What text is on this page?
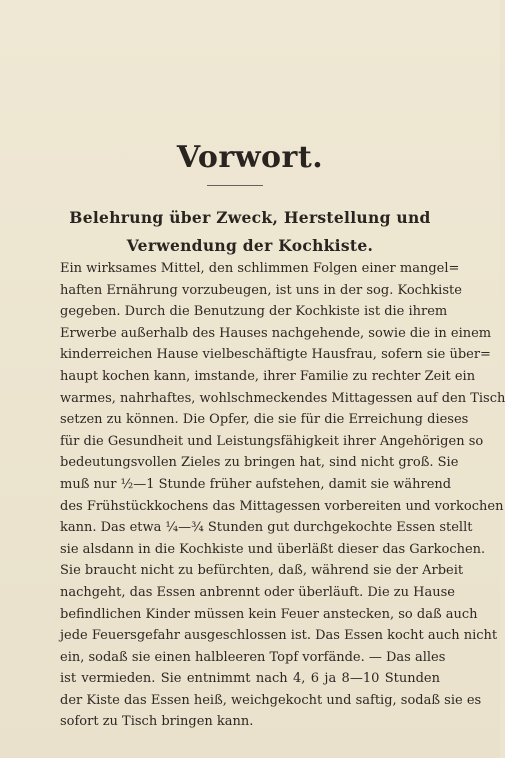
Vorwort.
Belehrung über Zweck, Herstellung und
Verwendung der Kochkiste.
Ein wirksames Mittel, den schlimmen Folgen einer mangel=
haften Ernährung vorzubeugen, ist uns in der sog. Kochkiste
gegeben. Durch die Benutzung der Kochkiste ist die ihrem
Erwerbe außerhalb des Hauses nachgehende, sowie die in einem
kinderreichen Hause vielbeschäftigte Hausfrau, sofern sie über=
haupt kochen kann, imstande, ihrer Familie zu rechter Zeit ein
warmes, nahrhaftes, wohlschmeckendes Mittagessen auf den Tisch
setzen zu können. Die Opfer, die sie für die Erreichung dieses
für die Gesundheit und Leistungsfähigkeit ihrer Angehörigen so
bedeutungsvollen Zieles zu bringen hat, sind nicht groß. Sie
muß nur ½—1 Stunde früher aufstehen, damit sie während
des Frühstückkochens das Mittagessen vorbereiten und vorkochen
kann. Das etwa ¼—¾ Stunden gut durchgekochte Essen stellt
sie alsdann in die Kochkiste und überläßt dieser das Garkochen.
Sie braucht nicht zu befürchten, daß, während sie der Arbeit
nachgeht, das Essen anbrennt oder überläuft. Die zu Hause
befindlichen Kinder müssen kein Feuer anstecken, so daß auch
jede Feuersgefahr ausgeschlossen ist. Das Essen kocht auch nicht
ein, sodaß sie einen halbleeren Topf vorfände. — Das alles
ist vermieden. Sie entnimmt nach 4, 6 ja 8—10 Stunden
der Kiste das Essen heiß, weichgekocht und saftig, sodaß sie es
sofort zu Tisch bringen kann.
